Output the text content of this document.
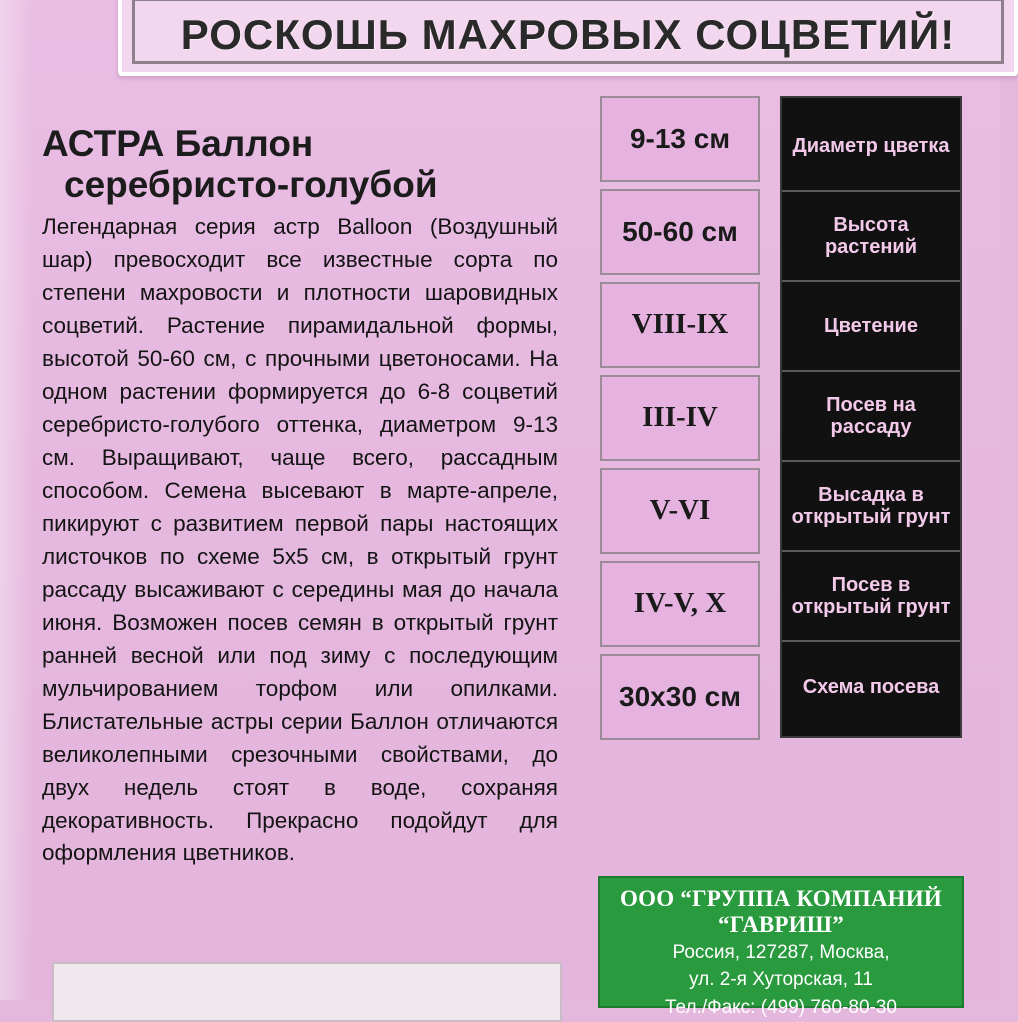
РОСКОШЬ МАХРОВЫХ СОЦВЕТИЙ!
АСТРА Баллон
серебристо-голубой

Легендарная серия астр Balloon (Воздушный шар) превосходит все известные сорта по степени махровости и плотности шаровидных соцветий. Растение пирамидальной формы, высотой 50-60 см, с прочными цветоносами. На одном растении формируется до 6-8 соцветий серебристо-голубого оттенка, диаметром 9-13 см. Выращивают, чаще всего, рассадным способом. Семена высевают в марте-апреле, пикируют с развитием первой пары настоящих листочков по схеме 5х5 см, в открытый грунт рассаду высаживают с середины мая до начала июня. Возможен посев семян в открытый грунт ранней весной или под зиму с последующим мульчированием торфом или опилками. Блистательные астры серии Баллон отличаются великолепными срезочными свойствами, до двух недель стоят в воде, сохраняя декоративность. Прекрасно подойдут для оформления цветников.

9-13 см
50-60 см
VIII-IX
III-IV
V-VI
IV-V, X
30х30 см
Диаметр цветка
Высота растений
Цветение
Посев на рассаду
Высадка в открытый грунт
Посев в открытый грунт
Схема посева
ООО “ГРУППА КОМПАНИЙ
“ГАВРИШ”
Россия, 127287, Москва,
ул. 2-я Хуторская, 11
Тел./Факс: (499) 760-80-30
